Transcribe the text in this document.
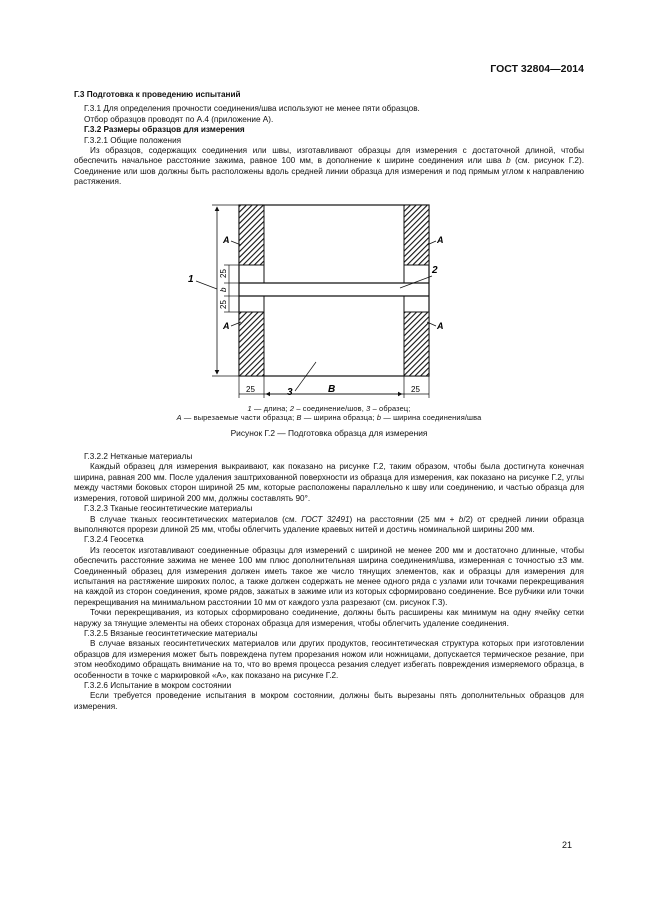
ГОСТ 32804—2014

Г.3 Подготовка к проведению испытаний

Г.3.1 Для определения прочности соединения/шва используют не менее пяти образцов.

Отбор образцов проводят по А.4 (приложение А).

Г.3.2 Размеры образцов для измерения

Г.3.2.1 Общие положения

Из образцов, содержащих соединения или швы, изготавливают образцы для измерения с достаточной длиной, чтобы обеспечить начальное расстояние зажима, равное 100 мм, в дополнение к ширине соединения или шва b (см. рисунок Г.2). Соединение или шов должны быть расположены вдоль средней линии образца для измерения и под прямым углом к направлению растяжения.

25
b
25
1
A	A
A	A
2
3
25	B	25
1 — длина; 2 – соединение/шов, 3 – образец;
A — вырезаемые части образца; B — ширина образца; b — ширина соединения/шва
Рисунок Г.2 — Подготовка образца для измерения

Г.3.2.2 Нетканые материалы

Каждый образец для измерения выкраивают, как показано на рисунке Г.2, таким образом, чтобы была достигнута конечная ширина, равная 200 мм. После удаления заштрихованной поверхности из образца для измерения, как показано на рисунке Г.2, углы между частями боковых сторон шириной 25 мм, которые расположены параллельно к шву или соединению, и частью образца для измерения, готовой шириной 200 мм, должны составлять 90°.

Г.3.2.3 Тканые геосинтетические материалы

В случае тканых геосинтетических материалов (см. ГОСТ 32491) на расстоянии (25 мм + b/2) от средней линии образца выполняются прорези длиной 25 мм, чтобы облегчить удаление краевых нитей и достичь номинальной ширины 200 мм.

Г.3.2.4 Геосетка

Из геосеток изготавливают соединенные образцы для измерений с шириной не менее 200 мм и достаточно длинные, чтобы обеспечить расстояние зажима не менее 100 мм плюс дополнительная ширина соединения/шва, измеренная с точностью ±3 мм. Соединенный образец для измерения должен иметь такое же число тянущих элементов, как и образцы для измерения для испытания на растяжение широких полос, а также должен содержать не менее одного ряда с узлами или точками перекрещивания на каждой из сторон соединения, кроме рядов, зажатых в зажиме или из которых сформировано соединение. Все рубчики или точки перекрещивания на минимальном расстоянии 10 мм от каждого узла разрезают (см. рисунок Г.3).

Точки перекрещивания, из которых сформировано соединение, должны быть расширены как минимум на одну ячейку сетки наружу за тянущие элементы на обеих сторонах образца для измерения, чтобы облегчить удаление соединения.

Г.3.2.5 Вязаные геосинтетические материалы

В случае вязаных геосинтетических материалов или других продуктов, геосинтетическая структура которых при изготовлении образцов для измерения может быть повреждена путем прорезания ножом или ножницами, допускается термическое резание, при этом необходимо обращать внимание на то, что во время процесса резания следует избегать повреждения измеряемого образца, в особенности в точке с маркировкой «А», как показано на рисунке Г.2.

Г.3.2.6 Испытание в мокром состоянии

Если требуется проведение испытания в мокром состоянии, должны быть вырезаны пять дополнительных образцов для измерения.

21
